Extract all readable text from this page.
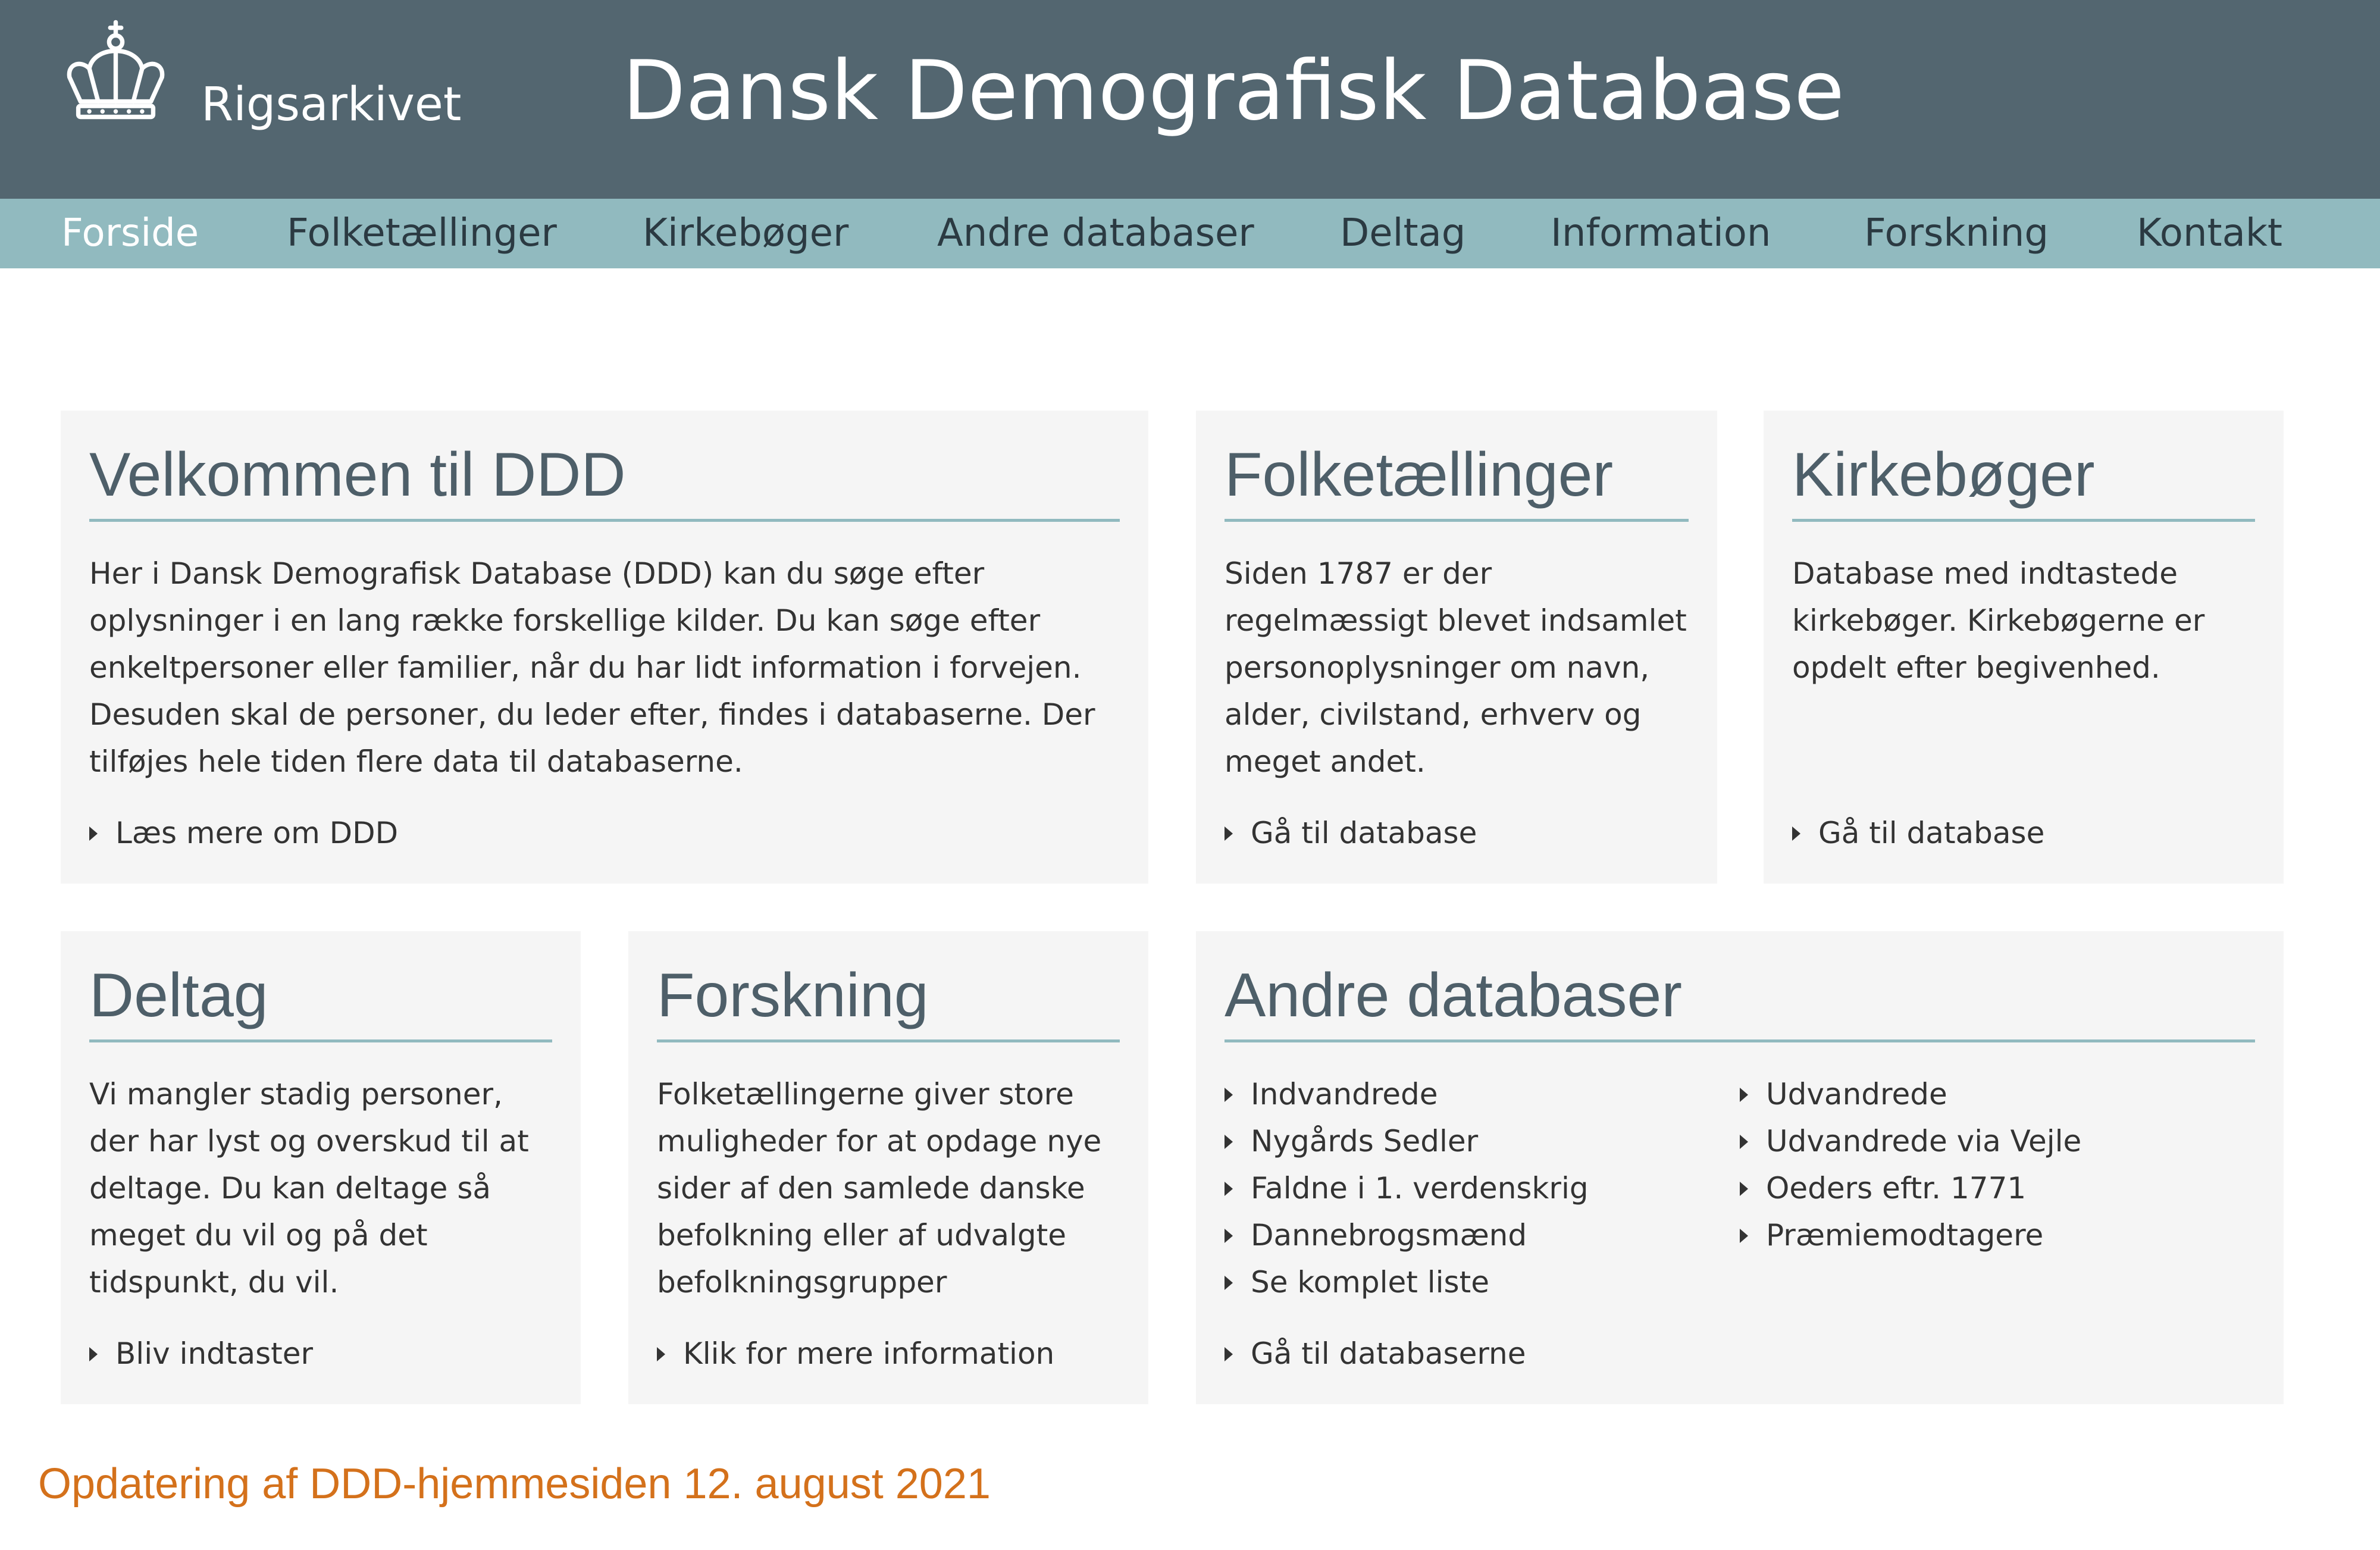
Rigsarkivet Dansk Demografisk Database
Forside Folketællinger Kirkebøger Andre databaser Deltag Information Forskning Kontakt
Velkommen til DDD
Her i Dansk Demografisk Database (DDD) kan du søge efter oplysninger i en lang række forskellige kilder. Du kan søge efter enkeltpersoner eller familier, når du har lidt information i forvejen. Desuden skal de personer, du leder efter, findes i databaserne. Der tilføjes hele tiden flere data til databaserne.
Læs mere om DDD
Folketællinger
Siden 1787 er der regelmæssigt blevet indsamlet personoplysninger om navn, alder, civilstand, erhverv og meget andet.
Gå til database
Kirkebøger
Database med indtastede kirkebøger. Kirkebøgerne er opdelt efter begivenhed.
Gå til database
Deltag
Vi mangler stadig personer, der har lyst og overskud til at deltage. Du kan deltage så meget du vil og på det tidspunkt, du vil.
Bliv indtaster
Forskning
Folketællingerne giver store muligheder for at opdage nye sider af den samlede danske befolkning eller af udvalgte befolkningsgrupper
Klik for mere information
Andre databaser
Indvandrede
Nygårds Sedler
Faldne i 1. verdenskrig
Dannebrogsmænd
Se komplet liste
Udvandrede
Udvandrede via Vejle
Oeders eftr. 1771
Præmiemodtagere
Gå til databaserne
Opdatering af DDD-hjemmesiden 12. august 2021
